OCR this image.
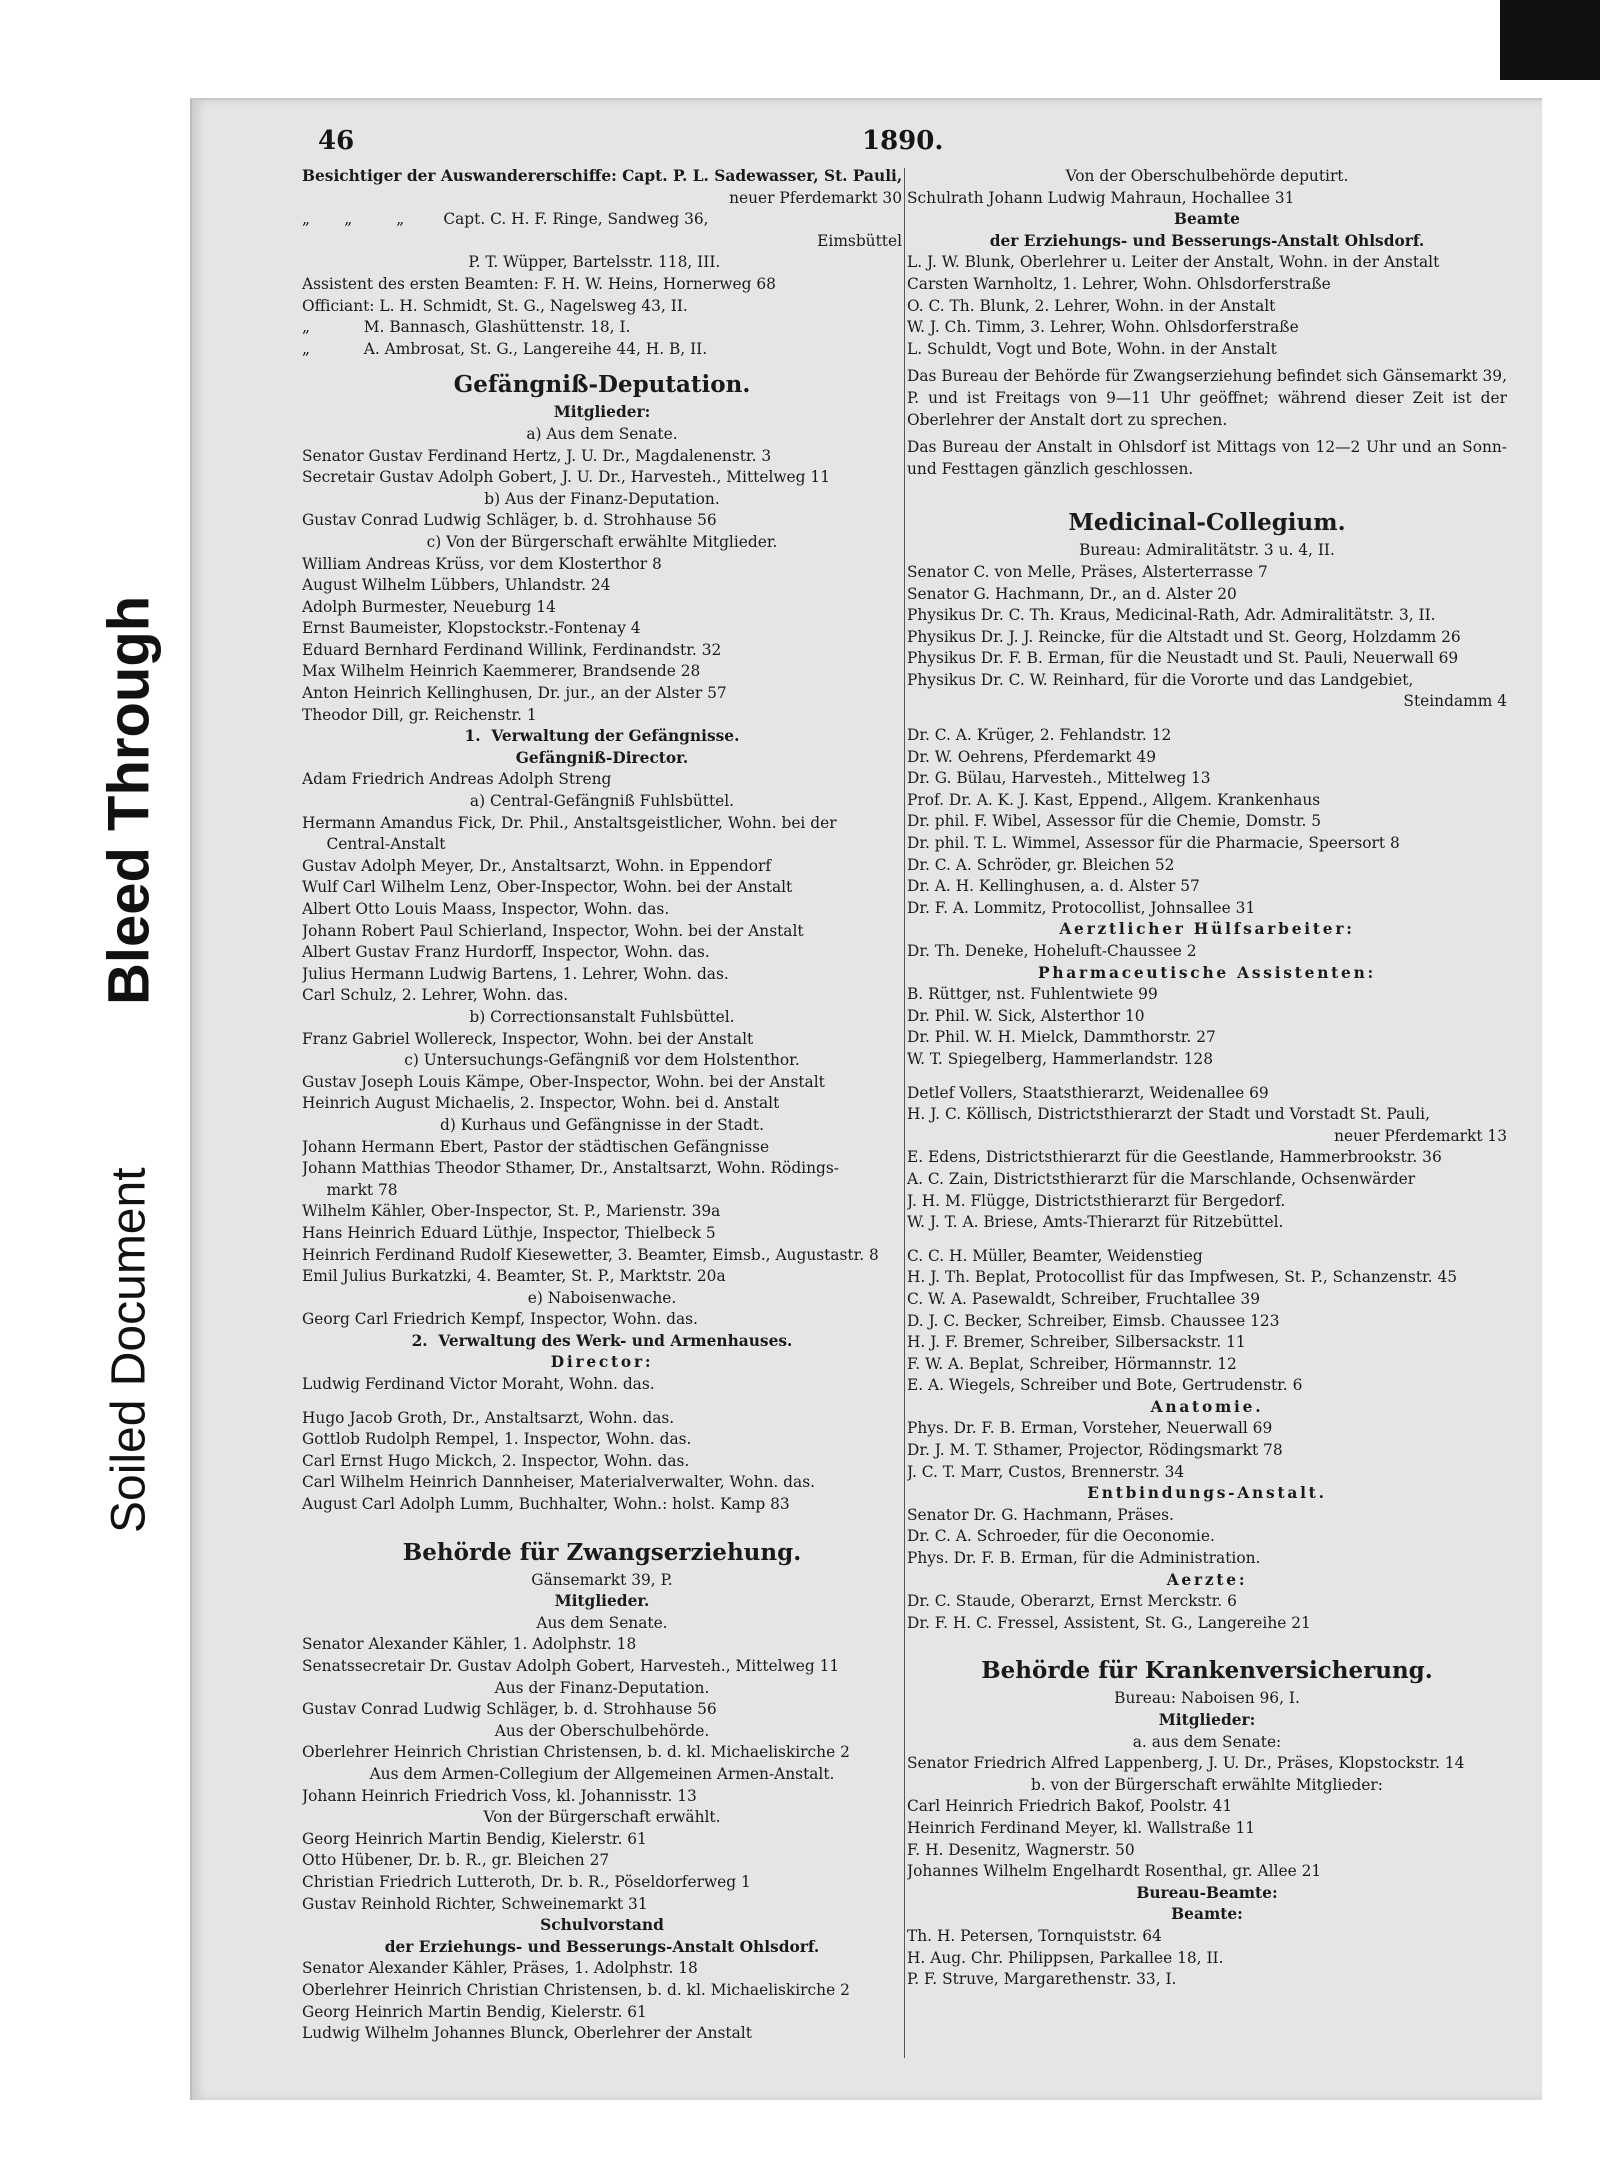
Bleed Through
Soiled Document
46	1890.
Besichtiger der Auswandererschiffe: Capt. P. L. Sadewasser, St. Pauli,
neuer Pferdemarkt 30
„       „         „        Capt. C. H. F. Ringe, Sandweg 36,
Eimsbüttel
P. T. Wüpper, Bartelsstr. 118, III.
Assistent des ersten Beamten: F. H. W. Heins, Hornerweg 68
Officiant: L. H. Schmidt, St. G., Nagelsweg 43, II.
„           M. Bannasch, Glashüttenstr. 18, I.
„           A. Ambrosat, St. G., Langereihe 44, H. B, II.
Gefängniß-Deputation.
Mitglieder:
a) Aus dem Senate.
Senator Gustav Ferdinand Hertz, J. U. Dr., Magdalenenstr. 3
Secretair Gustav Adolph Gobert, J. U. Dr., Harvesteh., Mittelweg 11
b) Aus der Finanz-Deputation.
Gustav Conrad Ludwig Schläger, b. d. Strohhause 56
c) Von der Bürgerschaft erwählte Mitglieder.
William Andreas Krüss, vor dem Klosterthor 8
August Wilhelm Lübbers, Uhlandstr. 24
Adolph Burmester, Neueburg 14
Ernst Baumeister, Klopstockstr.-Fontenay 4
Eduard Bernhard Ferdinand Willink, Ferdinandstr. 32
Max Wilhelm Heinrich Kaemmerer, Brandsende 28
Anton Heinrich Kellinghusen, Dr. jur., an der Alster 57
Theodor Dill, gr. Reichenstr. 1
1.  Verwaltung der Gefängnisse.
Gefängniß-Director.
Adam Friedrich Andreas Adolph Streng
a) Central-Gefängniß Fuhlsbüttel.
Hermann Amandus Fick, Dr. Phil., Anstaltsgeistlicher, Wohn. bei der
Central-Anstalt
Gustav Adolph Meyer, Dr., Anstaltsarzt, Wohn. in Eppendorf
Wulf Carl Wilhelm Lenz, Ober-Inspector, Wohn. bei der Anstalt
Albert Otto Louis Maass, Inspector, Wohn. das.
Johann Robert Paul Schierland, Inspector, Wohn. bei der Anstalt
Albert Gustav Franz Hurdorff, Inspector, Wohn. das.
Julius Hermann Ludwig Bartens, 1. Lehrer, Wohn. das.
Carl Schulz, 2. Lehrer, Wohn. das.
b) Correctionsanstalt Fuhlsbüttel.
Franz Gabriel Wollereck, Inspector, Wohn. bei der Anstalt
c) Untersuchungs-Gefängniß vor dem Holstenthor.
Gustav Joseph Louis Kämpe, Ober-Inspector, Wohn. bei der Anstalt
Heinrich August Michaelis, 2. Inspector, Wohn. bei d. Anstalt
d) Kurhaus und Gefängnisse in der Stadt.
Johann Hermann Ebert, Pastor der städtischen Gefängnisse
Johann Matthias Theodor Sthamer, Dr., Anstaltsarzt, Wohn. Rödings-
markt 78
Wilhelm Kähler, Ober-Inspector, St. P., Marienstr. 39a
Hans Heinrich Eduard Lüthje, Inspector, Thielbeck 5
Heinrich Ferdinand Rudolf Kiesewetter, 3. Beamter, Eimsb., Augustastr. 8
Emil Julius Burkatzki, 4. Beamter, St. P., Marktstr. 20a
e) Naboisenwache.
Georg Carl Friedrich Kempf, Inspector, Wohn. das.
2.  Verwaltung des Werk- und Armenhauses.
Director:
Ludwig Ferdinand Victor Moraht, Wohn. das.
Hugo Jacob Groth, Dr., Anstaltsarzt, Wohn. das.
Gottlob Rudolph Rempel, 1. Inspector, Wohn. das.
Carl Ernst Hugo Mickch, 2. Inspector, Wohn. das.
Carl Wilhelm Heinrich Dannheiser, Materialverwalter, Wohn. das.
August Carl Adolph Lumm, Buchhalter, Wohn.: holst. Kamp 83
Behörde für Zwangserziehung.
Gänsemarkt 39, P.
Mitglieder.
Aus dem Senate.
Senator Alexander Kähler, 1. Adolphstr. 18
Senatssecretair Dr. Gustav Adolph Gobert, Harvesteh., Mittelweg 11
Aus der Finanz-Deputation.
Gustav Conrad Ludwig Schläger, b. d. Strohhause 56
Aus der Oberschulbehörde.
Oberlehrer Heinrich Christian Christensen, b. d. kl. Michaeliskirche 2
Aus dem Armen-Collegium der Allgemeinen Armen-Anstalt.
Johann Heinrich Friedrich Voss, kl. Johannisstr. 13
Von der Bürgerschaft erwählt.
Georg Heinrich Martin Bendig, Kielerstr. 61
Otto Hübener, Dr. b. R., gr. Bleichen 27
Christian Friedrich Lutteroth, Dr. b. R., Pöseldorferweg 1
Gustav Reinhold Richter, Schweinemarkt 31
Schulvorstand
der Erziehungs- und Besserungs-Anstalt Ohlsdorf.
Senator Alexander Kähler, Präses, 1. Adolphstr. 18
Oberlehrer Heinrich Christian Christensen, b. d. kl. Michaeliskirche 2
Georg Heinrich Martin Bendig, Kielerstr. 61
Ludwig Wilhelm Johannes Blunck, Oberlehrer der Anstalt
Von der Oberschulbehörde deputirt.
Schulrath Johann Ludwig Mahraun, Hochallee 31
Beamte
der Erziehungs- und Besserungs-Anstalt Ohlsdorf.
L. J. W. Blunk, Oberlehrer u. Leiter der Anstalt, Wohn. in der Anstalt
Carsten Warnholtz, 1. Lehrer, Wohn. Ohlsdorferstraße
O. C. Th. Blunk, 2. Lehrer, Wohn. in der Anstalt
W. J. Ch. Timm, 3. Lehrer, Wohn. Ohlsdorferstraße
L. Schuldt, Vogt und Bote, Wohn. in der Anstalt
Das Bureau der Behörde für Zwangserziehung befindet sich Gänsemarkt 39, P. und ist Freitags von 9—11 Uhr geöffnet; während dieser Zeit ist der Oberlehrer der Anstalt dort zu sprechen.
Das Bureau der Anstalt in Ohlsdorf ist Mittags von 12—2 Uhr und an Sonn- und Festtagen gänzlich geschlossen.
Medicinal-Collegium.
Bureau: Admiralitätstr. 3 u. 4, II.
Senator C. von Melle, Präses, Alsterterrasse 7
Senator G. Hachmann, Dr., an d. Alster 20
Physikus Dr. C. Th. Kraus, Medicinal-Rath, Adr. Admiralitätstr. 3, II.
Physikus Dr. J. J. Reincke, für die Altstadt und St. Georg, Holzdamm 26
Physikus Dr. F. B. Erman, für die Neustadt und St. Pauli, Neuerwall 69
Physikus Dr. C. W. Reinhard, für die Vororte und das Landgebiet,
Steindamm 4
Dr. C. A. Krüger, 2. Fehlandstr. 12
Dr. W. Oehrens, Pferdemarkt 49
Dr. G. Bülau, Harvesteh., Mittelweg 13
Prof. Dr. A. K. J. Kast, Eppend., Allgem. Krankenhaus
Dr. phil. F. Wibel, Assessor für die Chemie, Domstr. 5
Dr. phil. T. L. Wimmel, Assessor für die Pharmacie, Speersort 8
Dr. C. A. Schröder, gr. Bleichen 52
Dr. A. H. Kellinghusen, a. d. Alster 57
Dr. F. A. Lommitz, Protocollist, Johnsallee 31
Aerztlicher Hülfsarbeiter:
Dr. Th. Deneke, Hoheluft-Chaussee 2
Pharmaceutische Assistenten:
B. Rüttger, nst. Fuhlentwiete 99
Dr. Phil. W. Sick, Alsterthor 10
Dr. Phil. W. H. Mielck, Dammthorstr. 27
W. T. Spiegelberg, Hammerlandstr. 128
Detlef Vollers, Staatsthierarzt, Weidenallee 69
H. J. C. Köllisch, Districtsthierarzt der Stadt und Vorstadt St. Pauli,
neuer Pferdemarkt 13
E. Edens, Districtsthierarzt für die Geestlande, Hammerbrookstr. 36
A. C. Zain, Districtsthierarzt für die Marschlande, Ochsenwärder
J. H. M. Flügge, Districtsthierarzt für Bergedorf.
W. J. T. A. Briese, Amts-Thierarzt für Ritzebüttel.
C. C. H. Müller, Beamter, Weidenstieg
H. J. Th. Beplat, Protocollist für das Impfwesen, St. P., Schanzenstr. 45
C. W. A. Pasewaldt, Schreiber, Fruchtallee 39
D. J. C. Becker, Schreiber, Eimsb. Chaussee 123
H. J. F. Bremer, Schreiber, Silbersackstr. 11
F. W. A. Beplat, Schreiber, Hörmannstr. 12
E. A. Wiegels, Schreiber und Bote, Gertrudenstr. 6
Anatomie.
Phys. Dr. F. B. Erman, Vorsteher, Neuerwall 69
Dr. J. M. T. Sthamer, Projector, Rödingsmarkt 78
J. C. T. Marr, Custos, Brennerstr. 34
Entbindungs-Anstalt.
Senator Dr. G. Hachmann, Präses.
Dr. C. A. Schroeder, für die Oeconomie.
Phys. Dr. F. B. Erman, für die Administration.
Aerzte:
Dr. C. Staude, Oberarzt, Ernst Merckstr. 6
Dr. F. H. C. Fressel, Assistent, St. G., Langereihe 21
Behörde für Krankenversicherung.
Bureau: Naboisen 96, I.
Mitglieder:
a. aus dem Senate:
Senator Friedrich Alfred Lappenberg, J. U. Dr., Präses, Klopstockstr. 14
b. von der Bürgerschaft erwählte Mitglieder:
Carl Heinrich Friedrich Bakof, Poolstr. 41
Heinrich Ferdinand Meyer, kl. Wallstraße 11
F. H. Desenitz, Wagnerstr. 50
Johannes Wilhelm Engelhardt Rosenthal, gr. Allee 21
Bureau-Beamte:
Beamte:
Th. H. Petersen, Tornquiststr. 64
H. Aug. Chr. Philippsen, Parkallee 18, II.
P. F. Struve, Margarethenstr. 33, I.
